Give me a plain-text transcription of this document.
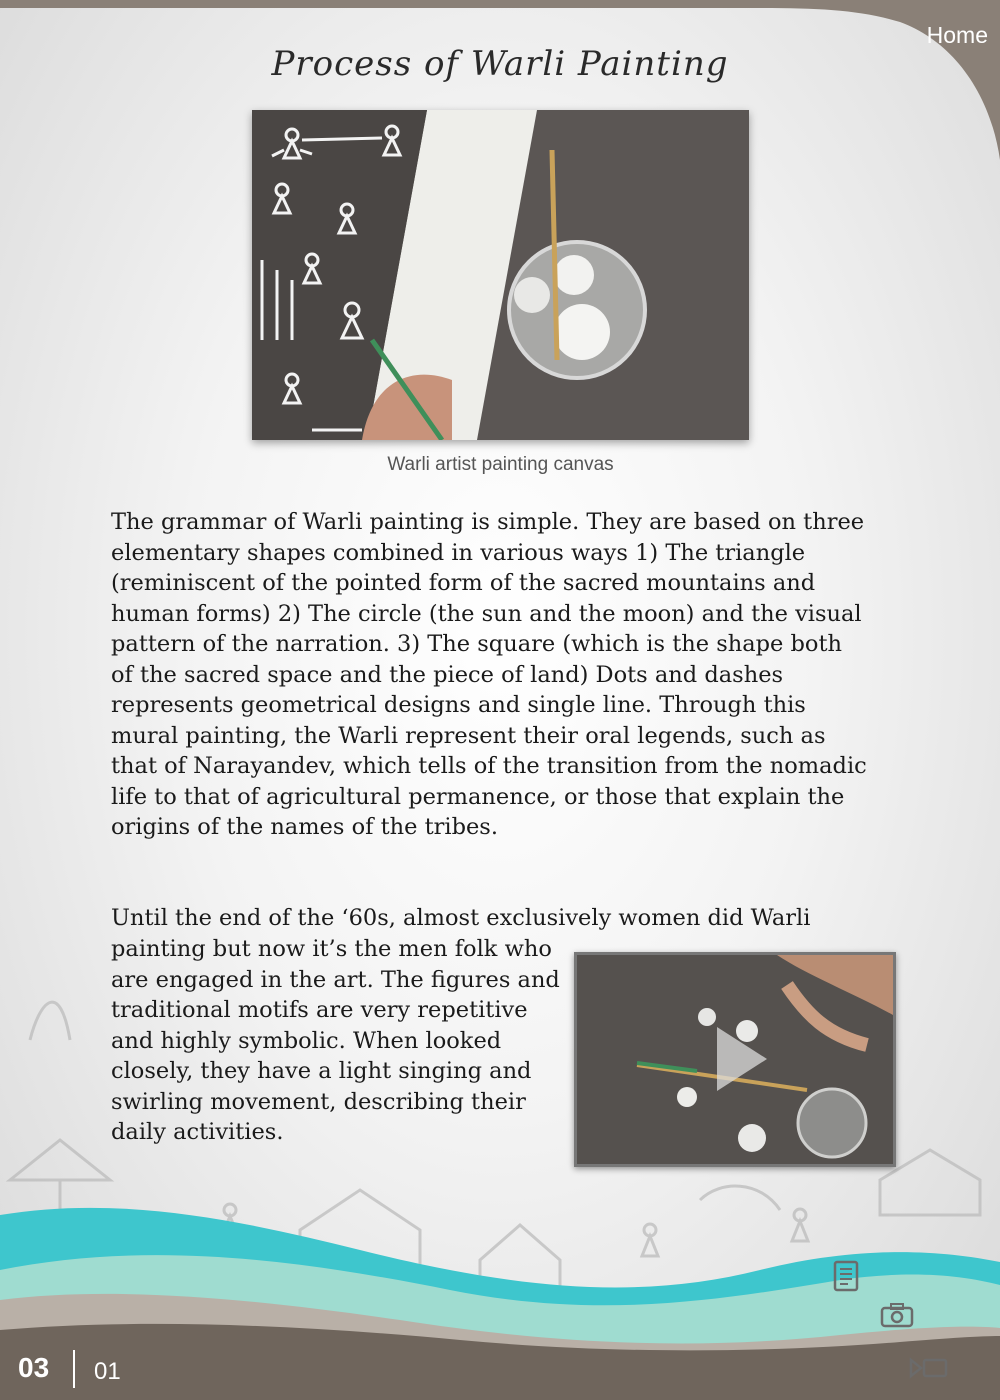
Home
Process of Warli Painting
Warli artist painting canvas

The grammar of Warli painting is simple. They are based on three elementary shapes combined in various ways 1) The triangle (reminiscent of the pointed form of the sacred mountains and human forms) 2) The circle (the sun and the moon) and the visual pattern of the narration. 3) The square (which is the shape both of the sacred space and the piece of land) Dots and dashes represents geometrical designs and single line. Through this mural painting, the Warli represent their oral legends, such as that of Narayandev, which tells of the transition from the nomadic life to that of agricultural permanence, or those that explain the origins of the names of the tribes.

Until the end of the ‘60s, almost exclusively women did Warli

painting but now it’s the men folk who are engaged in the art. The figures and traditional motifs are very repetitive and highly symbolic. When looked closely, they have a light singing and swirling movement, describing their daily activities.

03 01
